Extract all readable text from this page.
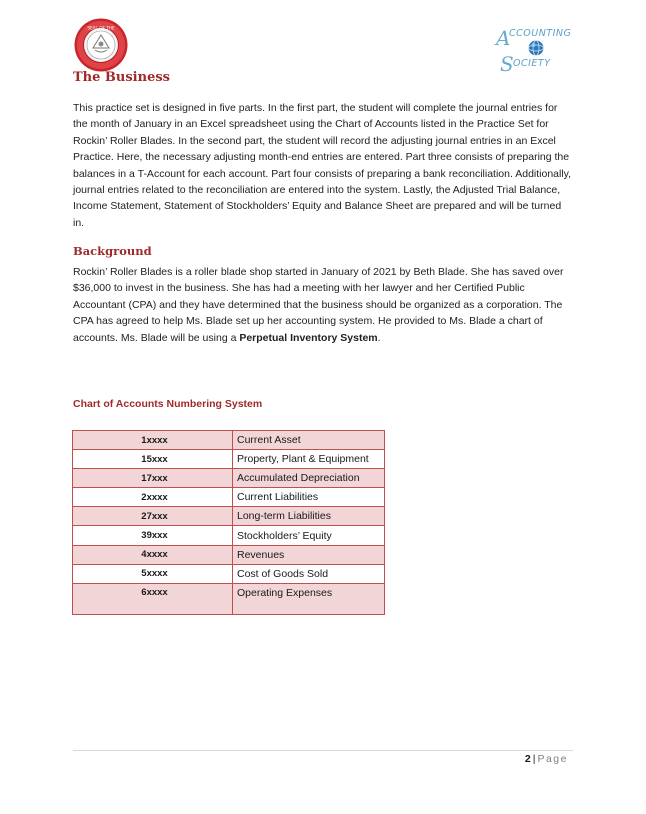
SEAL OF THE	A
CCOUNTING
S OCIETY
The Business

This practice set is designed in five parts. In the first part, the student will complete the journal entries for the month of January in an Excel spreadsheet using the Chart of Accounts listed in the Practice Set for Rockin’ Roller Blades. In the second part, the student will record the adjusting journal entries in an Excel Practice. Here, the necessary adjusting month-end entries are entered. Part three consists of preparing the balances in a T-Account for each account. Part four consists of preparing a bank reconciliation. Additionally, journal entries related to the reconciliation are entered into the system. Lastly, the Adjusted Trial Balance, Income Statement, Statement of Stockholders’ Equity and Balance Sheet are prepared and will be turned in.

Background

Rockin’ Roller Blades is a roller blade shop started in January of 2021 by Beth Blade. She has saved over $36,000 to invest in the business. She has had a meeting with her lawyer and her Certified Public Accountant (CPA) and they have determined that the business should be organized as a corporation. The CPA has agreed to help Ms. Blade set up her accounting system. He provided to Ms. Blade a chart of accounts. Ms. Blade will be using a Perpetual Inventory System.

Chart of Accounts Numbering System

1xxxx	Current Asset
15xxx	Property, Plant & Equipment
17xxx	Accumulated Depreciation
2xxxx	Current Liabilities
27xxx	Long-term Liabilities
39xxx	Stockholders’ Equity
4xxxx	Revenues
5xxxx	Cost of Goods Sold
6xxxx	Operating Expenses
2 | Page
